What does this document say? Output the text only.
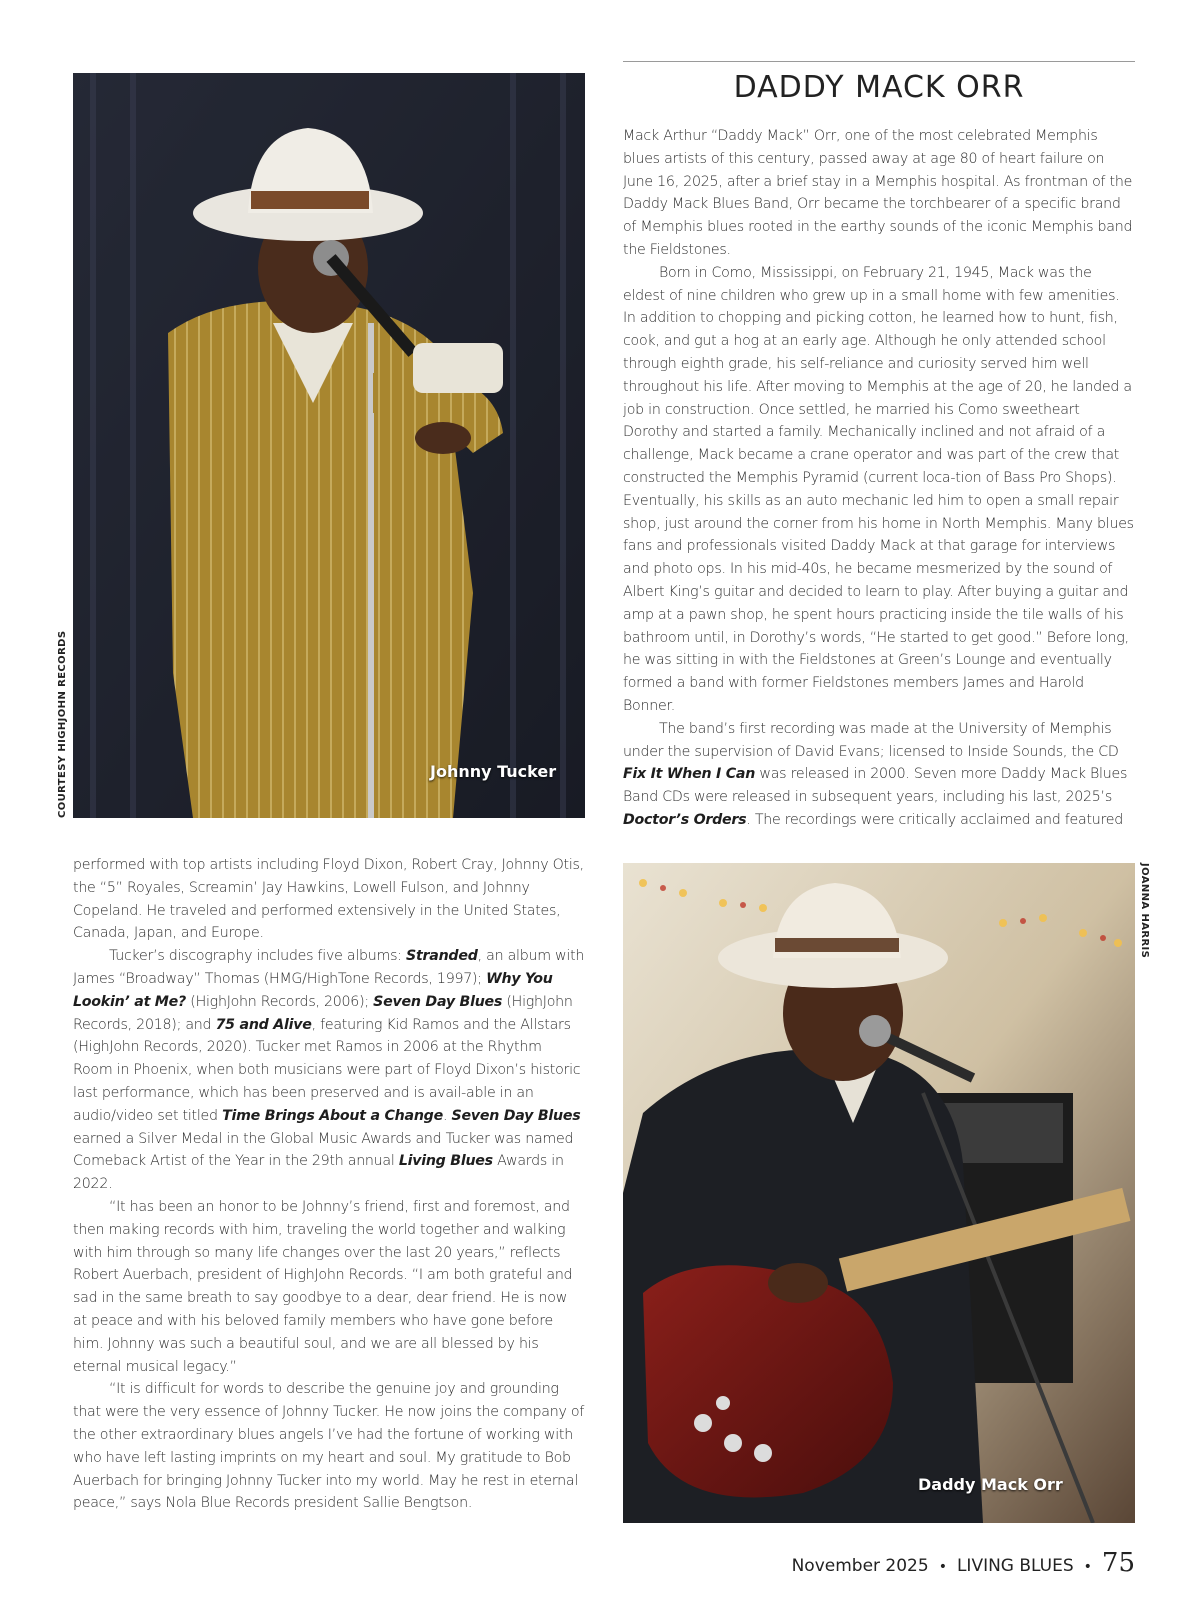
Johnny Tucker
COURTESY HIGHJOHN RECORDS
DADDY MACK ORR

Mack Arthur “Daddy Mack” Orr, one of the most celebrated Memphis blues artists of this century, passed away at age 80 of heart failure on June 16, 2025, after a brief stay in a Memphis hospital. As frontman of the Daddy Mack Blues Band, Orr became the torchbearer of a specific brand of Memphis blues rooted in the earthy sounds of the iconic Memphis band the Fieldstones.

Born in Como, Mississippi, on February 21, 1945, Mack was the eldest of nine children who grew up in a small home with few amenities. In addition to chopping and picking cotton, he learned how to hunt, fish, cook, and gut a hog at an early age. Although he only attended school through eighth grade, his self-reliance and curiosity served him well throughout his life. After moving to Memphis at the age of 20, he landed a job in construction. Once settled, he married his Como sweetheart Dorothy and started a family. Mechanically inclined and not afraid of a challenge, Mack became a crane operator and was part of the crew that constructed the Memphis Pyramid (current loca-tion of Bass Pro Shops). Eventually, his skills as an auto mechanic led him to open a small repair shop, just around the corner from his home in North Memphis. Many blues fans and professionals visited Daddy Mack at that garage for interviews and photo ops. In his mid-40s, he became mesmerized by the sound of Albert King’s guitar and decided to learn to play. After buying a guitar and amp at a pawn shop, he spent hours practicing inside the tile walls of his bathroom until, in Dorothy’s words, “He started to get good.” Before long, he was sitting in with the Fieldstones at Green’s Lounge and eventually formed a band with former Fieldstones members James and Harold Bonner.

The band’s first recording was made at the University of Memphis under the supervision of David Evans; licensed to Inside Sounds, the CD Fix It When I Can was released in 2000. Seven more Daddy Mack Blues Band CDs were released in subsequent years, including his last, 2025’s Doctor’s Orders. The recordings were critically acclaimed and featured

performed with top artists including Floyd Dixon, Robert Cray, Johnny Otis, the “5” Royales, Screamin’ Jay Hawkins, Lowell Fulson, and Johnny Copeland. He traveled and performed extensively in the United States, Canada, Japan, and Europe.

Tucker’s discography includes five albums: Stranded, an album with James “Broadway” Thomas (HMG/HighTone Records, 1997); Why You Lookin’ at Me? (HighJohn Records, 2006); Seven Day Blues (HighJohn Records, 2018); and 75 and Alive, featuring Kid Ramos and the Allstars (HighJohn Records, 2020). Tucker met Ramos in 2006 at the Rhythm Room in Phoenix, when both musicians were part of Floyd Dixon’s historic last performance, which has been preserved and is avail-able in an audio/video set titled Time Brings About a Change. Seven Day Blues earned a Silver Medal in the Global Music Awards and Tucker was named Comeback Artist of the Year in the 29th annual Living Blues Awards in 2022.

“It has been an honor to be Johnny’s friend, first and foremost, and then making records with him, traveling the world together and walking with him through so many life changes over the last 20 years,” reflects Robert Auerbach, president of HighJohn Records. “I am both grateful and sad in the same breath to say goodbye to a dear, dear friend. He is now at peace and with his beloved family members who have gone before him. Johnny was such a beautiful soul, and we are all blessed by his eternal musical legacy.”

“It is difficult for words to describe the genuine joy and grounding that were the very essence of Johnny Tucker. He now joins the company of the other extraordinary blues angels I’ve had the fortune of working with who have left lasting imprints on my heart and soul. My gratitude to Bob Auerbach for bringing Johnny Tucker into my world. May he rest in eternal peace,” says Nola Blue Records president Sallie Bengtson.

Daddy Mack Orr
JOANNA HARRIS
November 2025 • LIVING BLUES • 75
